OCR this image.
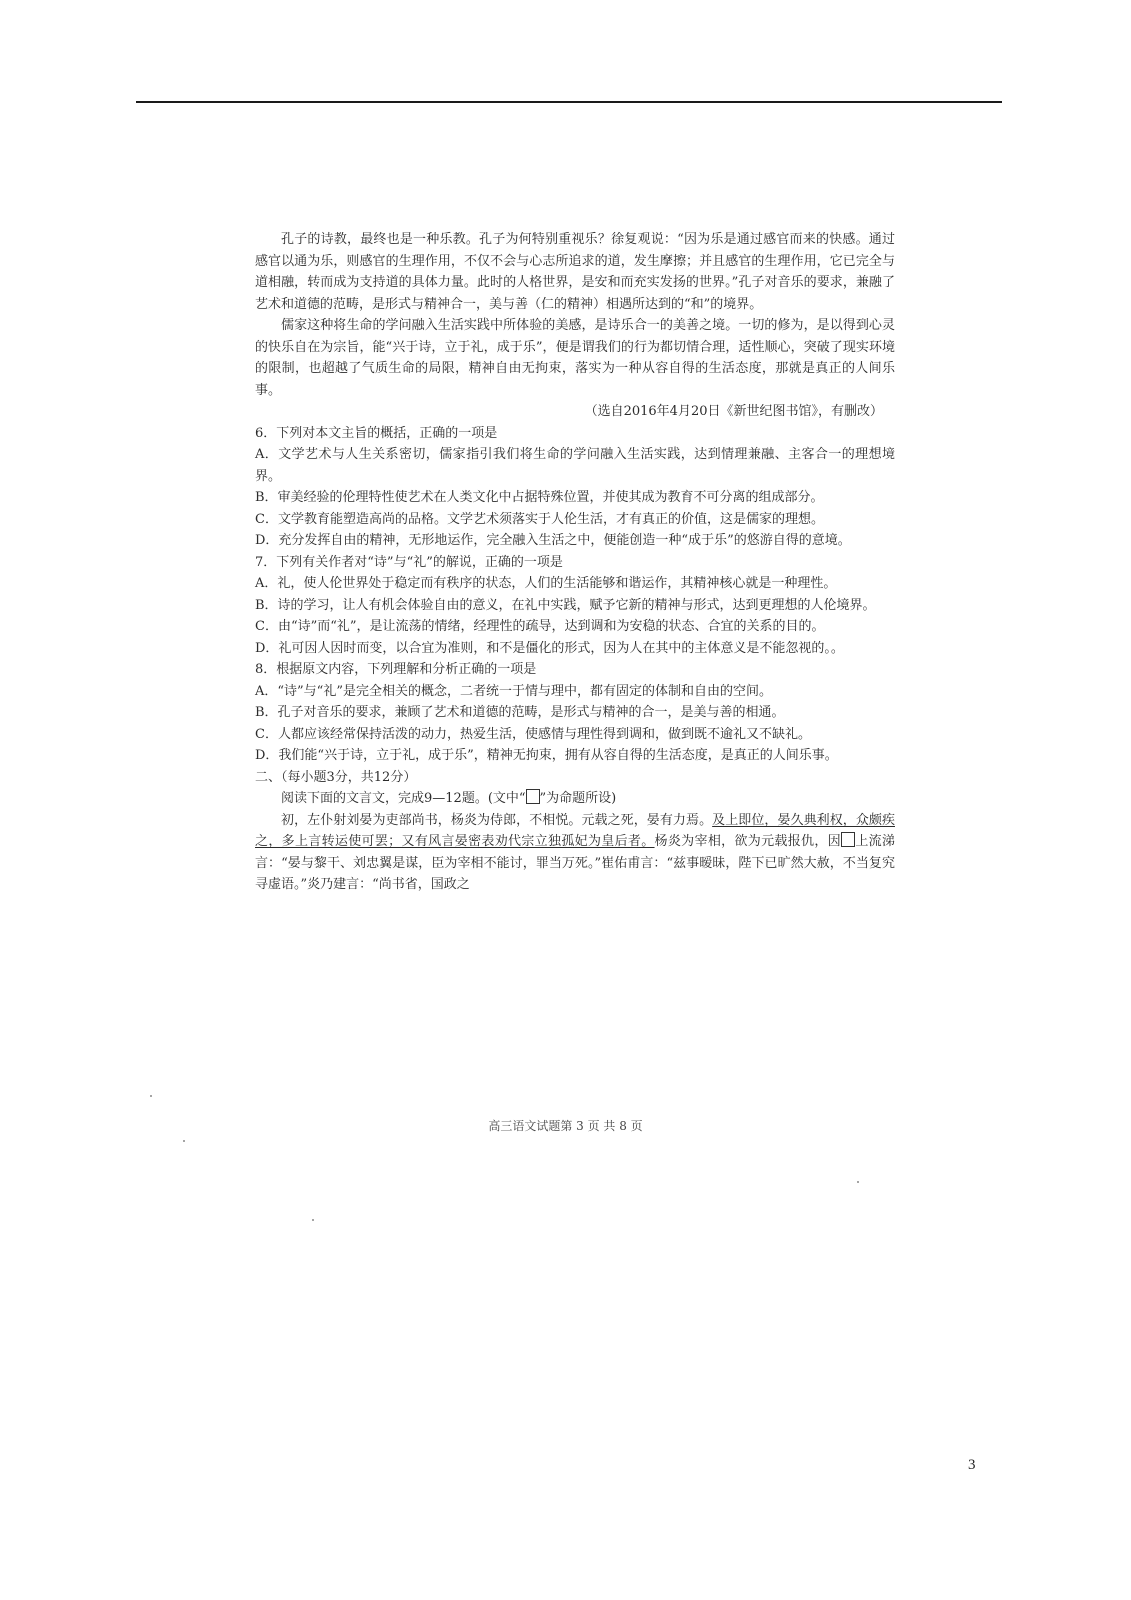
孔子的诗教，最终也是一种乐教。孔子为何特别重视乐？徐复观说：“因为乐是通过感官而来的快感。通过感官以通为乐，则感官的生理作用，不仅不会与心志所追求的道，发生摩擦；并且感官的生理作用，它已完全与道相融，转而成为支持道的具体力量。此时的人格世界，是安和而充实发扬的世界。”孔子对音乐的要求，兼融了艺术和道德的范畴，是形式与精神合一，美与善（仁的精神）相遇所达到的“和”的境界。

儒家这种将生命的学问融入生活实践中所体验的美感，是诗乐合一的美善之境。一切的修为，是以得到心灵的快乐自在为宗旨，能“兴于诗，立于礼，成于乐”，便是谓我们的行为都切情合理，适性顺心，突破了现实环境的限制，也超越了气质生命的局限，精神自由无拘束，落实为一种从容自得的生活态度，那就是真正的人间乐事。

（选自2016年4月20日《新世纪图书馆》，有删改）

6．下列对本文主旨的概括，正确的一项是

A．文学艺术与人生关系密切，儒家指引我们将生命的学问融入生活实践，达到情理兼融、主客合一的理想境界。

B．审美经验的伦理特性使艺术在人类文化中占据特殊位置，并使其成为教育不可分离的组成部分。

C．文学教育能塑造高尚的品格。文学艺术须落实于人伦生活，才有真正的价值，这是儒家的理想。

D．充分发挥自由的精神，无形地运作，完全融入生活之中，便能创造一种“成于乐”的悠游自得的意境。

7．下列有关作者对“诗”与“礼”的解说，正确的一项是

A．礼，使人伦世界处于稳定而有秩序的状态，人们的生活能够和谐运作，其精神核心就是一种理性。

B．诗的学习，让人有机会体验自由的意义，在礼中实践，赋予它新的精神与形式，达到更理想的人伦境界。

C．由“诗”而“礼”，是让流荡的情绪，经理性的疏导，达到调和为安稳的状态、合宜的关系的目的。

D．礼可因人因时而变，以合宜为准则，和不是僵化的形式，因为人在其中的主体意义是不能忽视的。。

8．根据原文内容，下列理解和分析正确的一项是

A．“诗”与“礼”是完全相关的概念，二者统一于情与理中，都有固定的体制和自由的空间。

B．孔子对音乐的要求，兼顾了艺术和道德的范畴，是形式与精神的合一，是美与善的相通。

C．人都应该经常保持活泼的动力，热爱生活，使感情与理性得到调和，做到既不逾礼又不缺礼。

D．我们能“兴于诗，立于礼，成于乐”，精神无拘束，拥有从容自得的生活态度，是真正的人间乐事。

二、（每小题3分，共12分）

阅读下面的文言文，完成9—12题。(文中“ ”为命题所设)

初，左仆射刘晏为吏部尚书，杨炎为侍郎，不相悦。元载之死，晏有力焉。及上即位，晏久典利权，众颇疾之，多上言转运使可罢；又有风言晏密表劝代宗立独孤妃为皇后者。杨炎为宰相，欲为元载报仇，因 上流涕言：“晏与黎干、刘忠翼是谋，臣为宰相不能讨，罪当万死。”崔佑甫言：“兹事暧昧，陛下已旷然大赦，不当复究寻虚语。”炎乃建言：“尚书省，国政之

高三语文试题第 3 页 共 8 页
3
